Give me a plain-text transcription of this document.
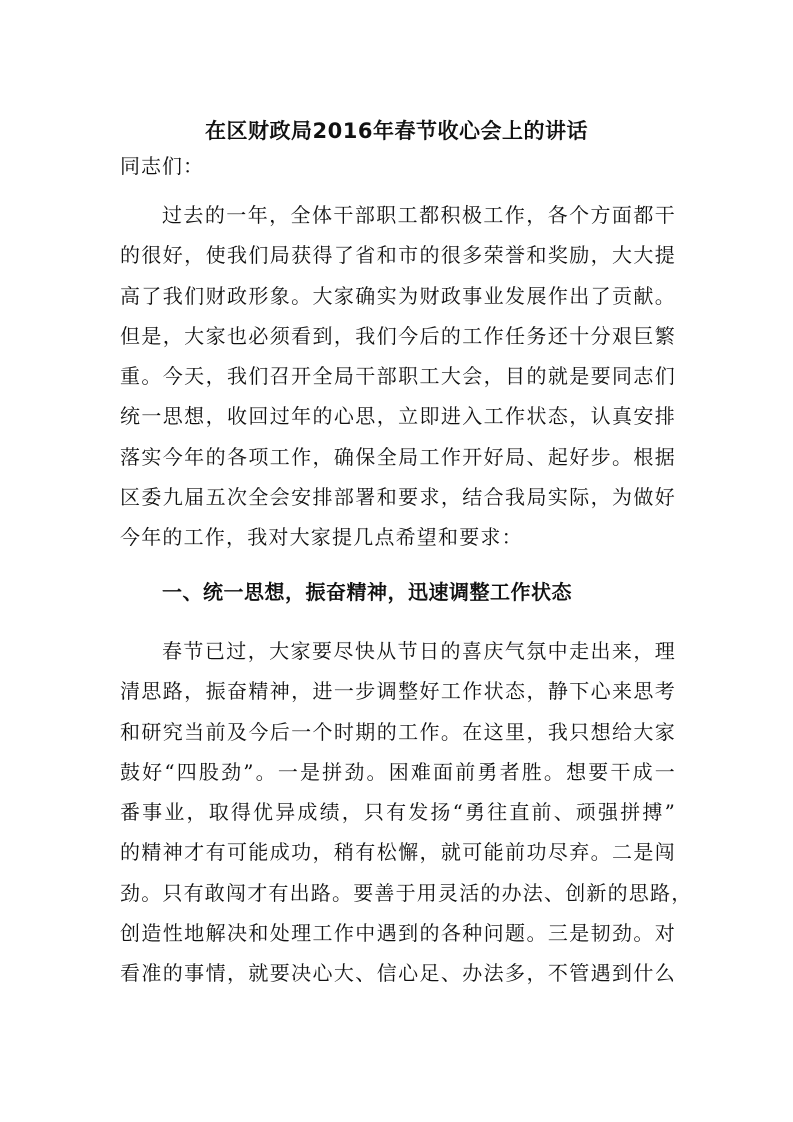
在区财政局2016年春节收心会上的讲话

同志们：

过去的一年，全体干部职工都积极工作，各个方面都干
的很好，使我们局获得了省和市的很多荣誉和奖励，大大提
高了我们财政形象。大家确实为财政事业发展作出了贡献。
但是，大家也必须看到，我们今后的工作任务还十分艰巨繁
重。今天，我们召开全局干部职工大会，目的就是要同志们
统一思想，收回过年的心思，立即进入工作状态，认真安排
落实今年的各项工作，确保全局工作开好局、起好步。根据
区委九届五次全会安排部署和要求，结合我局实际，为做好
今年的工作，我对大家提几点希望和要求：
一、统一思想，振奋精神，迅速调整工作状态
春节已过，大家要尽快从节日的喜庆气氛中走出来，理
清思路，振奋精神，进一步调整好工作状态，静下心来思考
和研究当前及今后一个时期的工作。在这里，我只想给大家
鼓好“四股劲”。一是拼劲。困难面前勇者胜。想要干成一
番事业，取得优异成绩，只有发扬“勇往直前、顽强拼搏”
的精神才有可能成功，稍有松懈，就可能前功尽弃。二是闯
劲。只有敢闯才有出路。要善于用灵活的办法、创新的思路，
创造性地解决和处理工作中遇到的各种问题。三是韧劲。对
看准的事情，就要决心大、信心足、办法多，不管遇到什么
